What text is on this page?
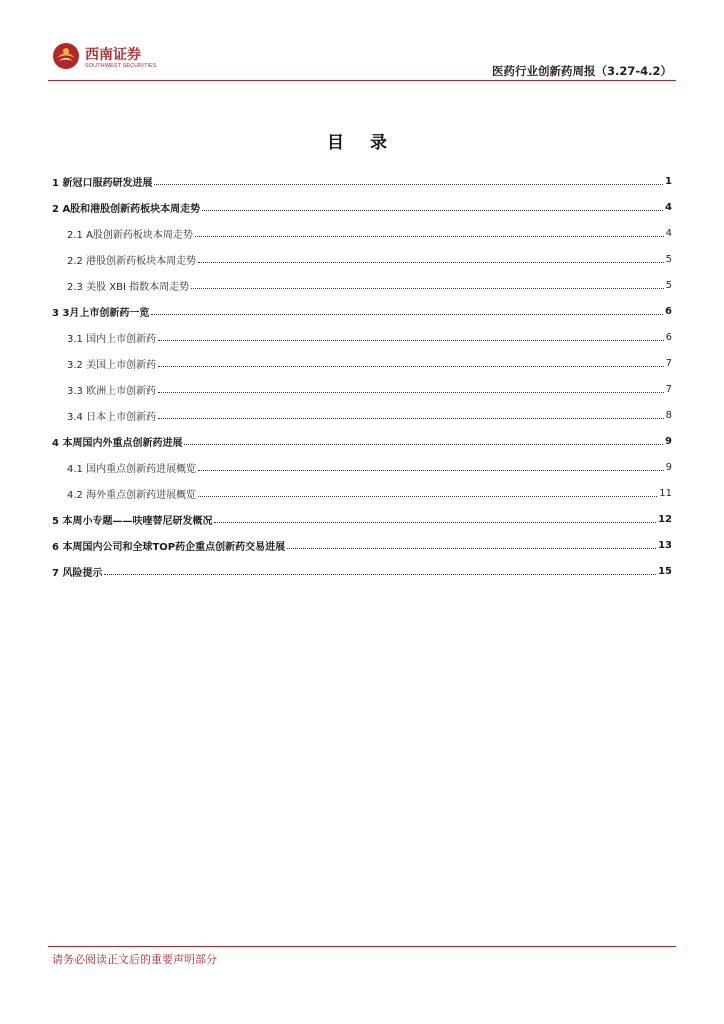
西南证券
SOUTHWEST SECURITIES	医药行业创新药周报（3.27-4.2）
目 录
1 新冠口服药研发进展	1
2 A股和港股创新药板块本周走势	4
2.1 A股创新药板块本周走势	4
2.2 港股创新药板块本周走势	5
2.3 美股 XBI 指数本周走势	5
3 3月上市创新药一览	6
3.1 国内上市创新药	6
3.2 美国上市创新药	7
3.3 欧洲上市创新药	7
3.4 日本上市创新药	8
4 本周国内外重点创新药进展	9
4.1 国内重点创新药进展概览	9
4.2 海外重点创新药进展概览	11
5 本周小专题——呋喹替尼研发概况	12
6 本周国内公司和全球TOP药企重点创新药交易进展	13
7 风险提示	15
请务必阅读正文后的重要声明部分
